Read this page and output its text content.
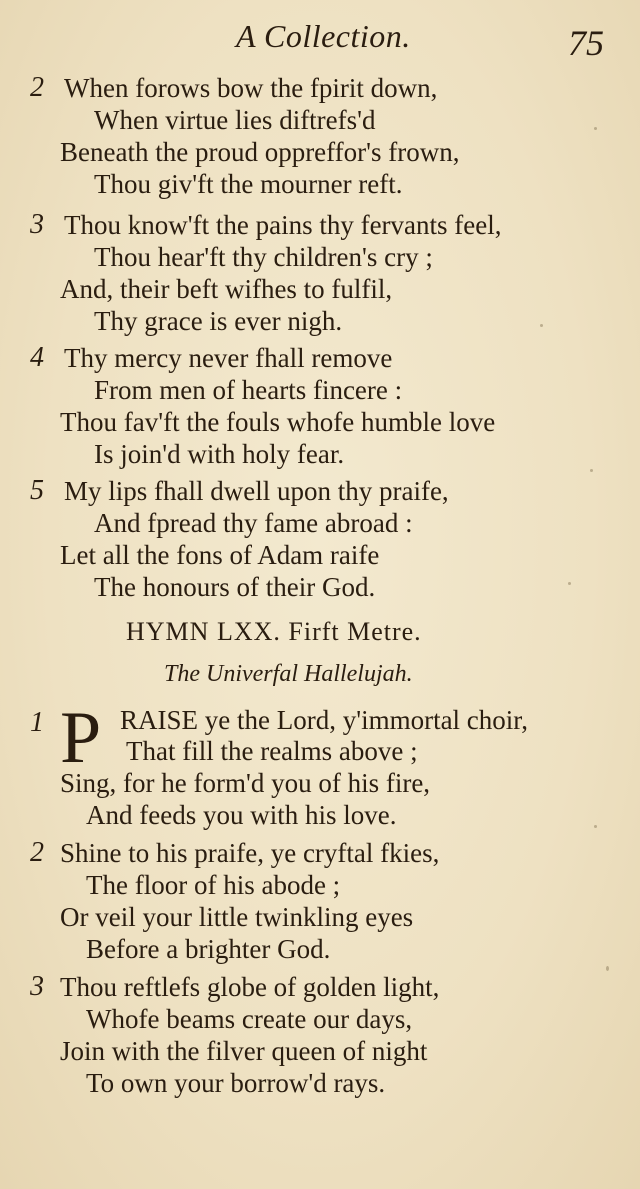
A Collection.	75
2 When forows bow the fpirit down,
When virtue lies diftrefs'd
Beneath the proud oppreffor's frown,
Thou giv'ft the mourner reft.
3 Thou know'ft the pains thy fervants feel,
Thou hear'ft thy children's cry ;
And, their beft wifhes to fulfil,
Thy grace is ever nigh.
4 Thy mercy never fhall remove
From men of hearts fincere :
Thou fav'ft the fouls whofe humble love
Is join'd with holy fear.
5 My lips fhall dwell upon thy praife,
And fpread thy fame abroad :
Let all the fons of Adam raife
The honours of their God.
HYMN LXX. Firft Metre.
The Univerfal Hallelujah.
1 P RAISE ye the Lord, y'immortal choir,
That fill the realms above ;
Sing, for he form'd you of his fire,
And feeds you with his love.
2 Shine to his praife, ye cryftal fkies,
The floor of his abode ;
Or veil your little twinkling eyes
Before a brighter God.
3 Thou reftlefs globe of golden light,
Whofe beams create our days,
Join with the filver queen of night
To own your borrow'd rays.
